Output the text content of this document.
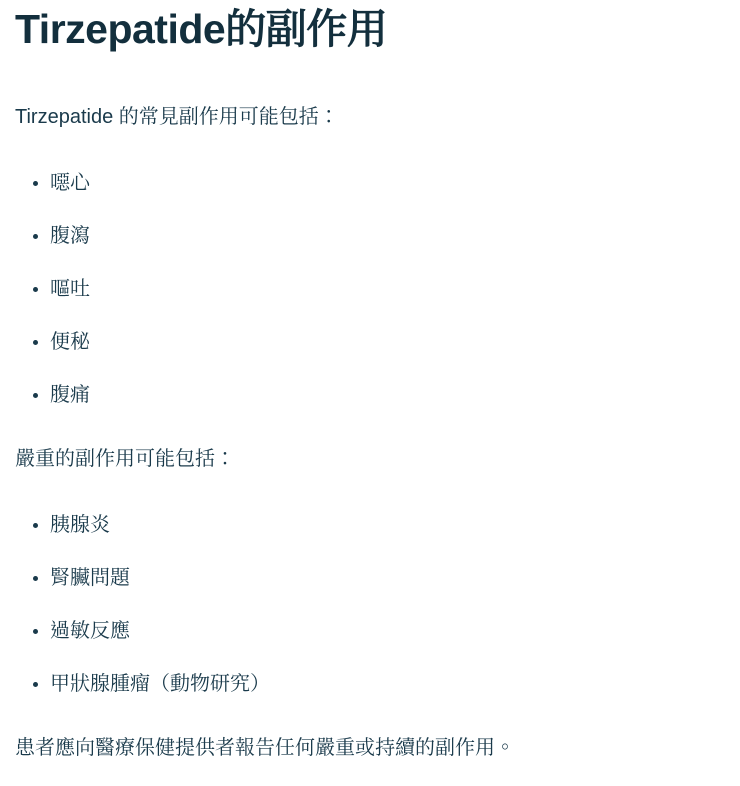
Tirzepatide的副作用

Tirzepatide 的常見副作用可能包括：

• 噁心
• 腹瀉
• 嘔吐
• 便秘
• 腹痛

嚴重的副作用可能包括：

• 胰腺炎
• 腎臟問題
• 過敏反應
• 甲狀腺腫瘤（動物研究）

患者應向醫療保健提供者報告任何嚴重或持續的副作用。
